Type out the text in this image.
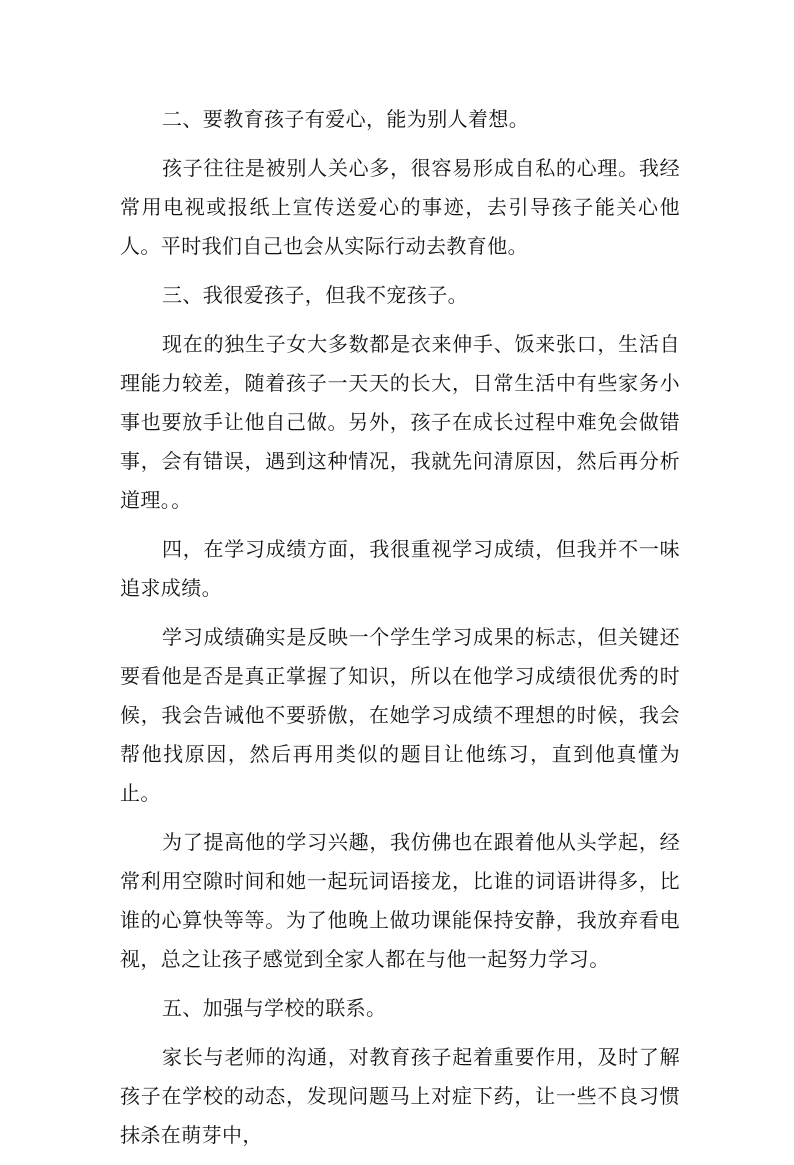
二、要教育孩子有爱心，能为别人着想。

孩子往往是被别人关心多，很容易形成自私的心理。我经常用电视或报纸上宣传送爱心的事迹，去引导孩子能关心他人。平时我们自己也会从实际行动去教育他。

三、我很爱孩子，但我不宠孩子。

现在的独生子女大多数都是衣来伸手、饭来张口，生活自理能力较差，随着孩子一天天的长大，日常生活中有些家务小事也要放手让他自己做。另外，孩子在成长过程中难免会做错事，会有错误，遇到这种情况，我就先问清原因，然后再分析道理。。

四，在学习成绩方面，我很重视学习成绩，但我并不一味追求成绩。

学习成绩确实是反映一个学生学习成果的标志，但关键还要看他是否是真正掌握了知识，所以在他学习成绩很优秀的时候，我会告诫他不要骄傲，在她学习成绩不理想的时候，我会帮他找原因，然后再用类似的题目让他练习，直到他真懂为止。

为了提高他的学习兴趣，我仿佛也在跟着他从头学起，经常利用空隙时间和她一起玩词语接龙，比谁的词语讲得多，比谁的心算快等等。为了他晚上做功课能保持安静，我放弃看电视，总之让孩子感觉到全家人都在与他一起努力学习。

五、加强与学校的联系。

家长与老师的沟通，对教育孩子起着重要作用，及时了解孩子在学校的动态，发现问题马上对症下药，让一些不良习惯抹杀在萌芽中，
